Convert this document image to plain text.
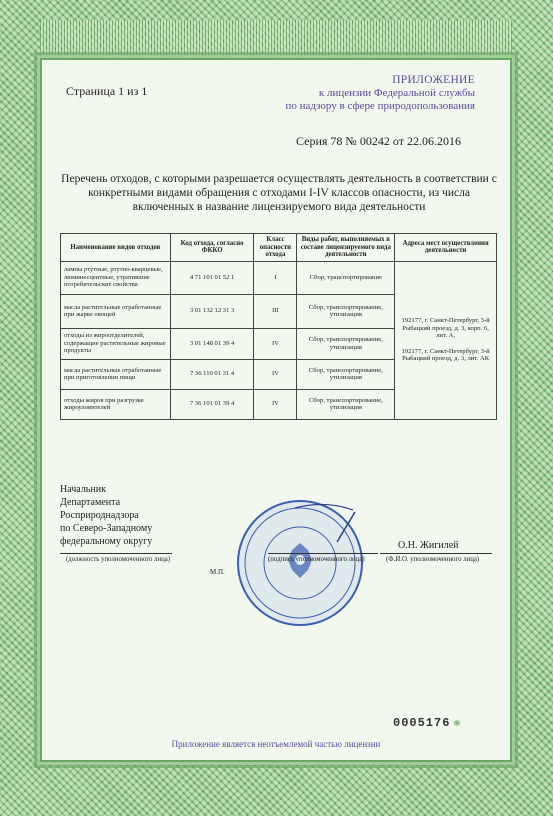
Страница 1 из 1
ПРИЛОЖЕНИЕ
к лицензии Федеральной службы
по надзору в сфере природопользования
Серия 78 № 00242 от 22.06.2016
Перечень отходов, с которыми разрешается осуществлять деятельность в соответствии с конкретными видами обращения с отходами I-IV классов опасности, из числа включенных в название лицензируемого вида деятельности
Наименование видов отходов	Код отхода, согласно ФККО	Класс опасности отхода	Виды работ, выполняемых в составе лицензируемого вида деятельности	Адреса мест осуществления деятельности
лампы ртутные, ртутно-кварцевые, люминесцентные, утратившие потребительские свойства	4 71 101 01 52 1	I	Сбор, транспортирование	192177, г. Санкт-Петербург, 3-й Рыбацкий проезд, д. 3, корп. 6, лит. А,
192177, г. Санкт-Петербург, 3-й Рыбацкий проезд, д. 3, лит. АК

масла растительные отработанные при жарке овощей	3 01 132 12 31 3	III	Сбор, транспортирование, утилизация	
отходы из жироотделителей, содержащие растительные жировые продукты	3 01 148 01 39 4	IV	Сбор, транспортирование, утилизация	
масла растительные отработанные при приготовлении пищи	7 36 110 01 31 4	IV	Сбор, транспортирование, утилизация	
отходы жиров при разгрузке жироуловителей	7 36 101 01 39 4	IV	Сбор, транспортирование, утилизация	
Начальник
Департамента
Росприроднадзора
по Северо-Западному
федеральному округу	О.Н. Жигилей
(должность уполномоченного лица)	(подпись уполномоченного лица)	(Ф.И.О. уполномоченного лица)
М.П.
0005176 ❋
Приложение является неотъемлемой частью лицензии
